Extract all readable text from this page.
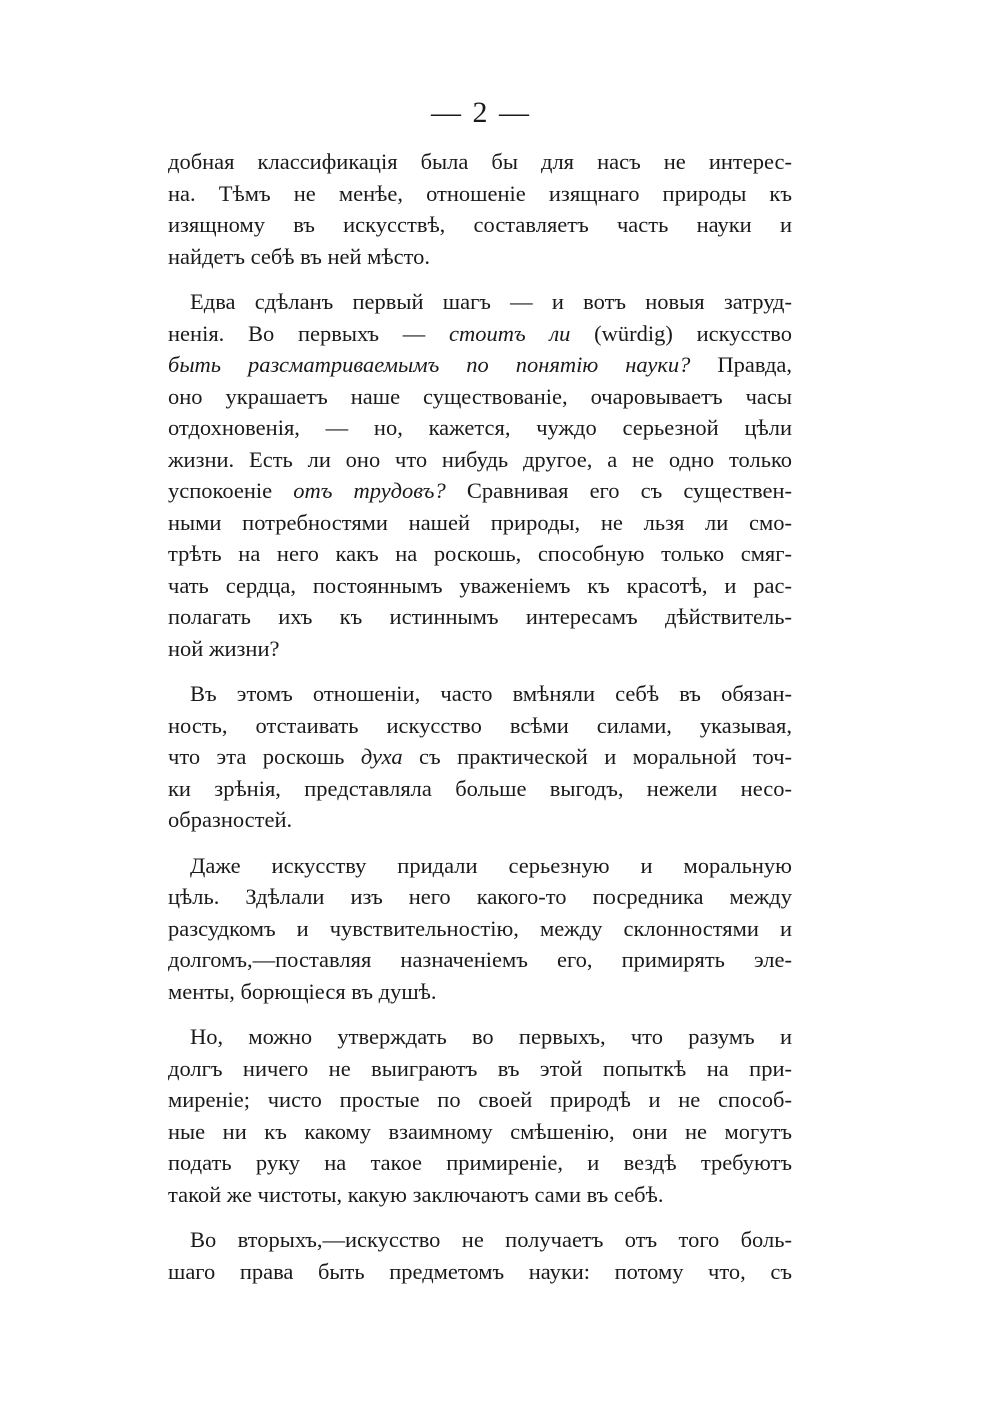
— 2 —
добная классификація была бы для насъ не интерес-
на. Тѣмъ не менѣе, отношеніе изящнаго природы къ
изящному въ искусствѣ, составляетъ часть науки и
найдетъ себѣ въ ней мѣсто.
Едва сдѣланъ первый шагъ — и вотъ новыя затруд-
ненія. Во первыхъ — стоитъ ли (würdig) искусство
быть разсматриваемымъ по понятію науки? Правда,
оно украшаетъ наше существованіе, очаровываетъ часы
отдохновенія, — но, кажется, чуждо серьезной цѣли
жизни. Есть ли оно что нибудь другое, а не одно только
успокоеніе отъ трудовъ? Сравнивая его съ существен-
ными потребностями нашей природы, не льзя ли смо-
трѣть на него какъ на роскошь, способную только смяг-
чать сердца, постояннымъ уваженіемъ къ красотѣ, и рас-
полагать ихъ къ истиннымъ интересамъ дѣйствитель-
ной жизни?
Въ этомъ отношеніи, часто вмѣняли себѣ въ обязан-
ность, отстаивать искусство всѣми силами, указывая,
что эта роскошь духа съ практической и моральной точ-
ки зрѣнія, представляла больше выгодъ, нежели несо-
образностей.
Даже искусству придали серьезную и моральную
цѣль. Здѣлали изъ него какого-то посредника между
разсудкомъ и чувствительностію, между склонностями и
долгомъ,—поставляя назначеніемъ его, примирять эле-
менты, борющіеся въ душѣ.
Но, можно утверждать во первыхъ, что разумъ и
долгъ ничего не выиграютъ въ этой попыткѣ на при-
миреніе; чисто простые по своей природѣ и не способ-
ные ни къ какому взаимному смѣшенію, они не могутъ
подать руку на такое примиреніе, и вездѣ требуютъ
такой же чистоты, какую заключаютъ сами въ себѣ.
Во вторыхъ,—искусство не получаетъ отъ того боль-
шаго права быть предметомъ науки: потому что, съ
